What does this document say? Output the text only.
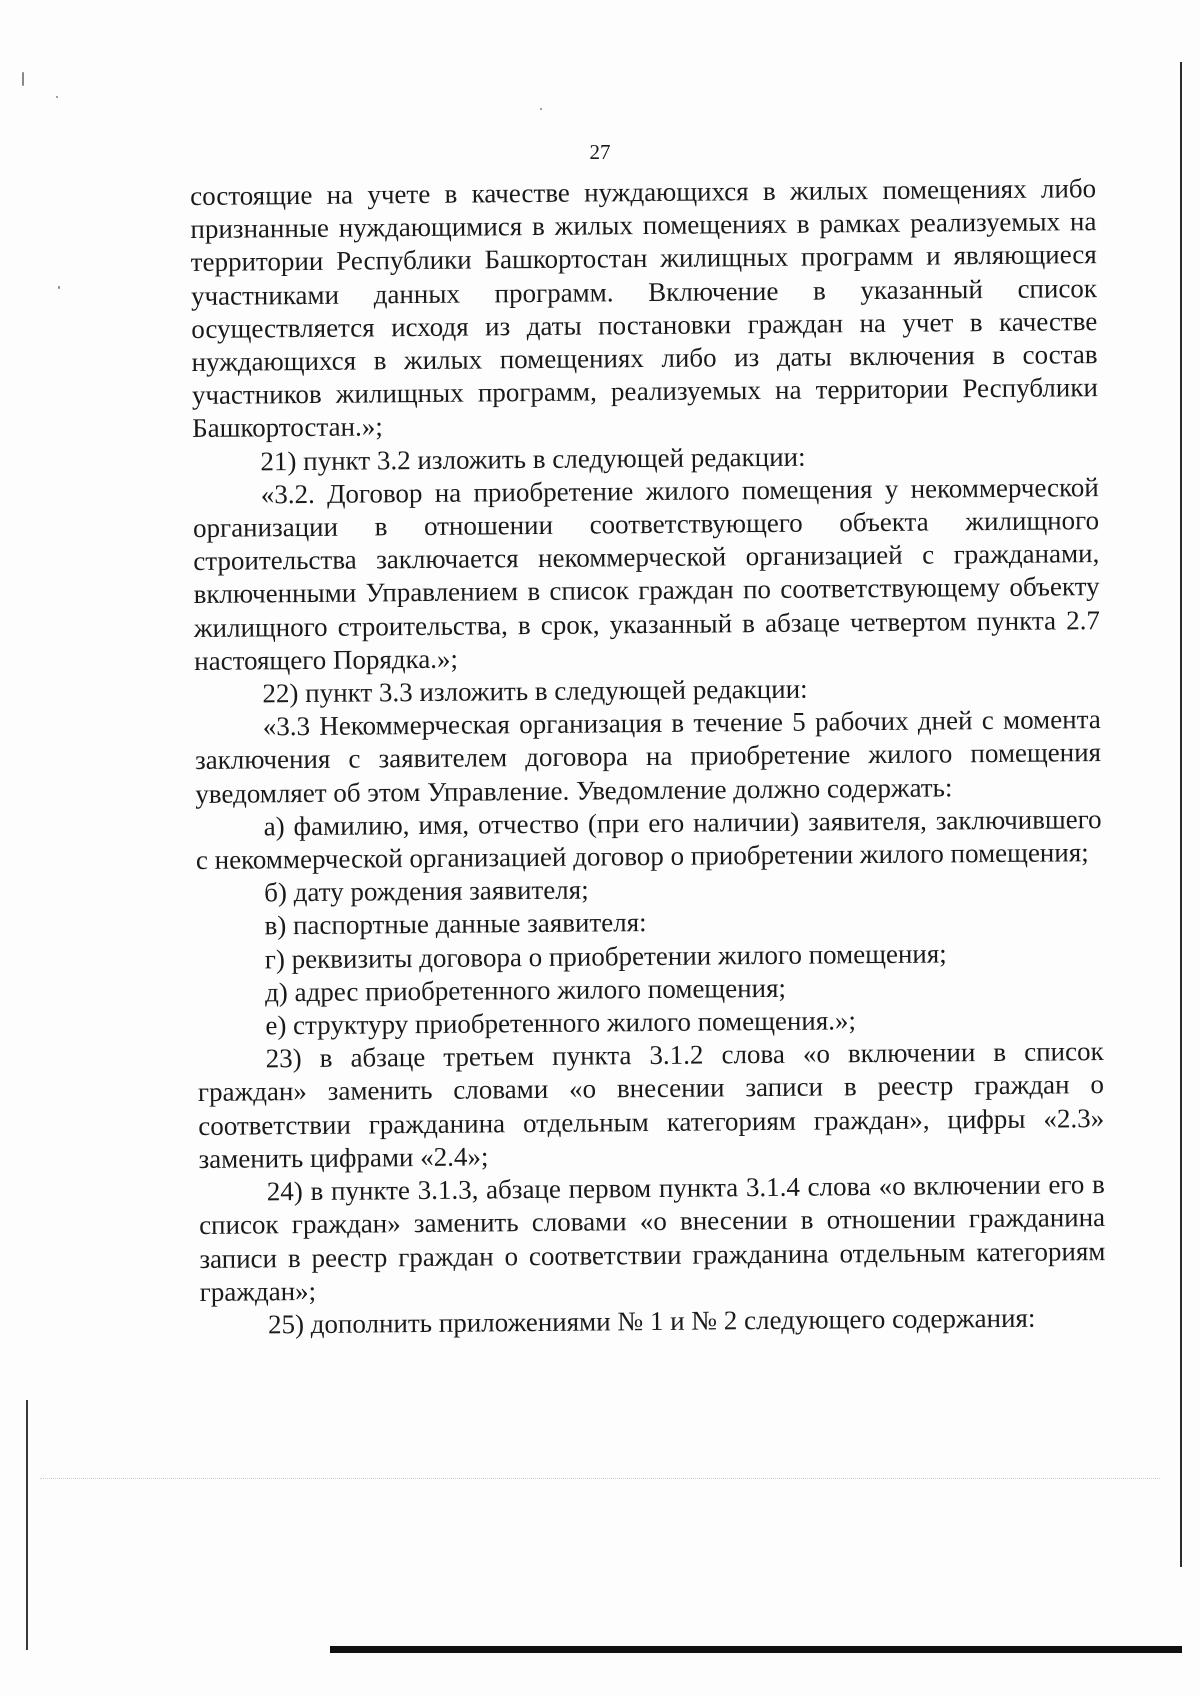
27

состоящие на учете в качестве нуждающихся в жилых помещениях либо признанные нуждающимися в жилых помещениях в рамках реализуемых на территории Республики Башкортостан жилищных программ и являющиеся участниками данных программ. Включение в указанный список осуществляется исходя из даты постановки граждан на учет в качестве нуждающихся в жилых помещениях либо из даты включения в состав участников жилищных программ, реализуемых на территории Республики Башкортостан.»;

21) пункт 3.2 изложить в следующей редакции:

«3.2. Договор на приобретение жилого помещения у некоммерческой организации в отношении соответствующего объекта жилищного строительства заключается некоммерческой организацией с гражданами, включенными Управлением в список граждан по соответствующему объекту жилищного строительства, в срок, указанный в абзаце четвертом пункта 2.7 настоящего Порядка.»;

22) пункт 3.3 изложить в следующей редакции:

«3.3 Некоммерческая организация в течение 5 рабочих дней с момента заключения с заявителем договора на приобретение жилого помещения уведомляет об этом Управление. Уведомление должно содержать:

а) фамилию, имя, отчество (при его наличии) заявителя, заключившего с некоммерческой организацией договор о приобретении жилого помещения;

б) дату рождения заявителя;

в) паспортные данные заявителя:

г) реквизиты договора о приобретении жилого помещения;

д) адрес приобретенного жилого помещения;

е) структуру приобретенного жилого помещения.»;

23) в абзаце третьем пункта 3.1.2 слова «о включении в список граждан» заменить словами «о внесении записи в реестр граждан о соответствии гражданина отдельным категориям граждан», цифры «2.3» заменить цифрами «2.4»;

24) в пункте 3.1.3, абзаце первом пункта 3.1.4 слова «о включении его в список граждан» заменить словами «о внесении в отношении гражданина записи в реестр граждан о соответствии гражданина отдельным категориям граждан»;

25) дополнить приложениями № 1 и № 2 следующего содержания:
